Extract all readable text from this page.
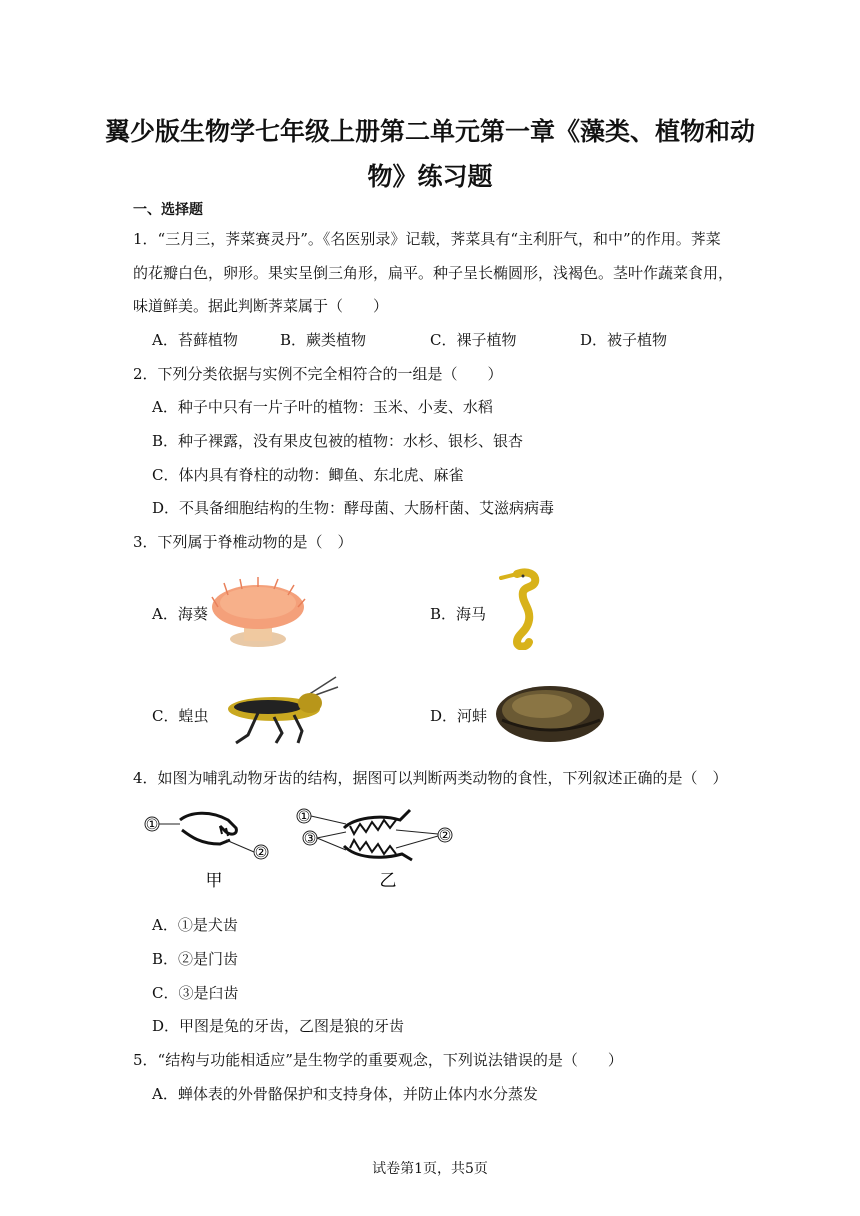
翼少版生物学七年级上册第二单元第一章《藻类、植物和动
物》练习题
一、选择题
1．“三月三，荠菜赛灵丹”。《名医别录》记载，荠菜具有“主利肝气，和中”的作用。荠菜
的花瓣白色，卵形。果实呈倒三角形，扁平。种子呈长椭圆形，浅褐色。茎叶作蔬菜食用，
味道鲜美。据此判断荠菜属于（　　）
A．苔藓植物	B．蕨类植物	C．裸子植物	D．被子植物
2．下列分类依据与实例不完全相符合的一组是（　　）
A．种子中只有一片子叶的植物：玉米、小麦、水稻
B．种子裸露，没有果皮包被的植物：水杉、银杉、银杏
C．体内具有脊柱的动物：鲫鱼、东北虎、麻雀
D．不具备细胞结构的生物：酵母菌、大肠杆菌、艾滋病病毒
3．下列属于脊椎动物的是（　）
A．海葵	B．海马
C．蝗虫	D．河蚌
4．如图为哺乳动物牙齿的结构，据图可以判断两类动物的食性，下列叙述正确的是（　）
①
②
甲
①
③	②
乙
A．①是犬齿
B．②是门齿
C．③是臼齿
D．甲图是兔的牙齿，乙图是狼的牙齿
5．“结构与功能相适应”是生物学的重要观念，下列说法错误的是（　　）
A．蝉体表的外骨骼保护和支持身体，并防止体内水分蒸发
试卷第1页，共5页
